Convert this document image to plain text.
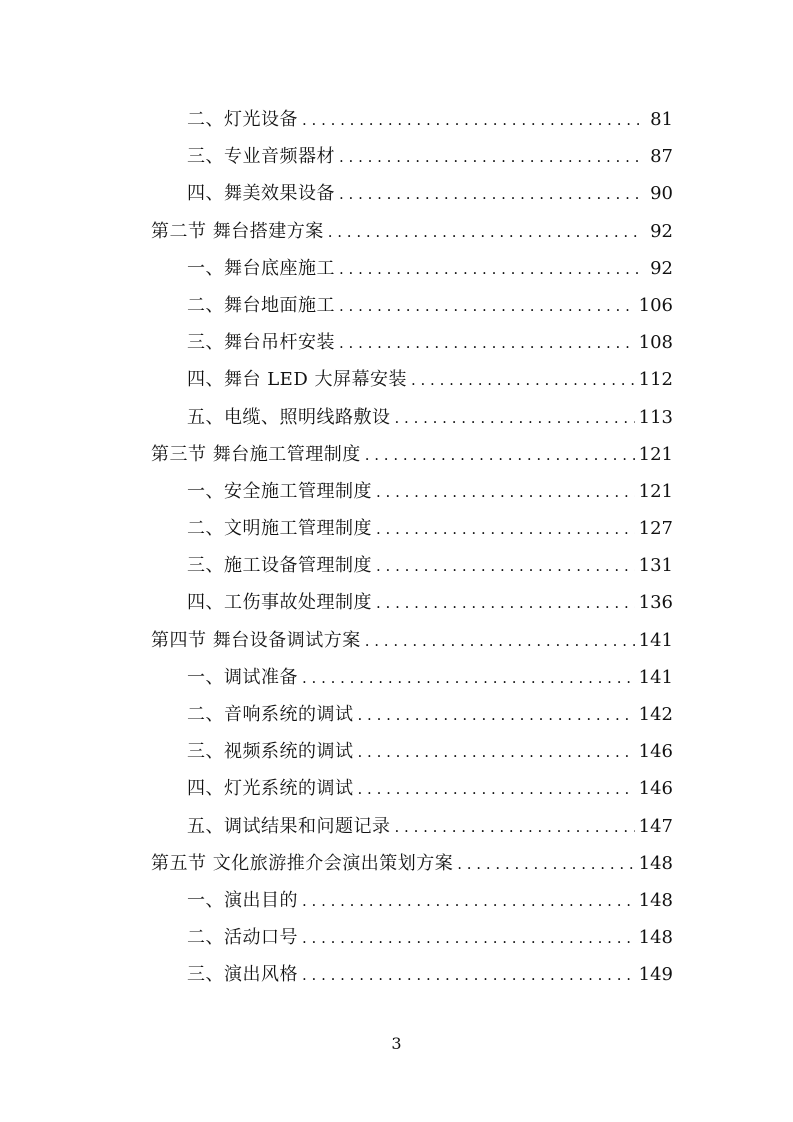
二、灯光设备 . . .	81
三、专业音频器材 . . .	87
四、舞美效果设备 . . .	90
第二节 舞台搭建方案 . . .	92
一、舞台底座施工 . . .	92
二、舞台地面施工 . . .	106
三、舞台吊杆安装 . . .	108
四、舞台 LED 大屏幕安装 . . .	112
五、电缆、照明线路敷设 . . .	113
第三节 舞台施工管理制度 . . .	121
一、安全施工管理制度 . . .	121
二、文明施工管理制度 . . .	127
三、施工设备管理制度 . . .	131
四、工伤事故处理制度 . . .	136
第四节 舞台设备调试方案 . . .	141
一、调试准备 . . .	141
二、音响系统的调试 . . .	142
三、视频系统的调试 . . .	146
四、灯光系统的调试 . . .	146
五、调试结果和问题记录 . . .	147
第五节 文化旅游推介会演出策划方案 . . .	148
一、演出目的 . . .	148
二、活动口号 . . .	148
三、演出风格 . . .	149
3
